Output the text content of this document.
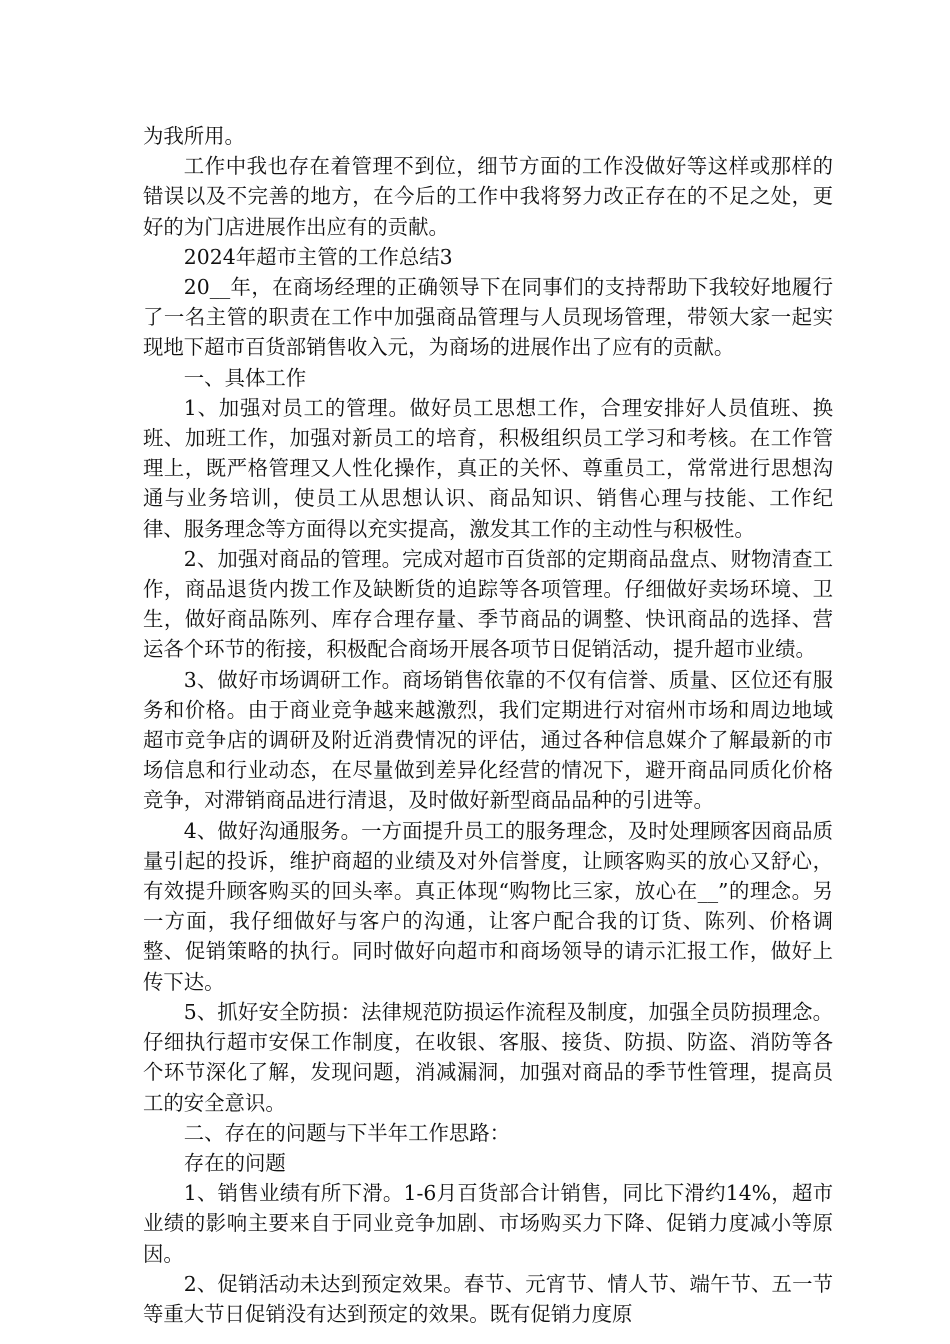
为我所用。

工作中我也存在着管理不到位，细节方面的工作没做好等这样或那样的错误以及不完善的地方，在今后的工作中我将努力改正存在的不足之处，更好的为门店进展作出应有的贡献。

2024年超市主管的工作总结3

20__年，在商场经理的正确领导下在同事们的支持帮助下我较好地履行了一名主管的职责在工作中加强商品管理与人员现场管理，带领大家一起实现地下超市百货部销售收入元，为商场的进展作出了应有的贡献。

一、具体工作

1、加强对员工的管理。做好员工思想工作，合理安排好人员值班、换班、加班工作，加强对新员工的培育，积极组织员工学习和考核。在工作管理上，既严格管理又人性化操作，真正的关怀、尊重员工，常常进行思想沟通与业务培训，使员工从思想认识、商品知识、销售心理与技能、工作纪律、服务理念等方面得以充实提高，激发其工作的主动性与积极性。

2、加强对商品的管理。完成对超市百货部的定期商品盘点、财物清查工作，商品退货内拨工作及缺断货的追踪等各项管理。仔细做好卖场环境、卫生，做好商品陈列、库存合理存量、季节商品的调整、快讯商品的选择、营运各个环节的衔接，积极配合商场开展各项节日促销活动，提升超市业绩。

3、做好市场调研工作。商场销售依靠的不仅有信誉、质量、区位还有服务和价格。由于商业竞争越来越激烈，我们定期进行对宿州市场和周边地域超市竞争店的调研及附近消费情况的评估，通过各种信息媒介了解最新的市场信息和行业动态，在尽量做到差异化经营的情况下，避开商品同质化价格竞争，对滞销商品进行清退，及时做好新型商品品种的引进等。

4、做好沟通服务。一方面提升员工的服务理念，及时处理顾客因商品质量引起的投诉，维护商超的业绩及对外信誉度，让顾客购买的放心又舒心，有效提升顾客购买的回头率。真正体现“购物比三家，放心在__”的理念。另一方面，我仔细做好与客户的沟通，让客户配合我的订货、陈列、价格调整、促销策略的执行。同时做好向超市和商场领导的请示汇报工作，做好上传下达。

5、抓好安全防损：法律规范防损运作流程及制度，加强全员防损理念。仔细执行超市安保工作制度，在收银、客服、接货、防损、防盗、消防等各个环节深化了解，发现问题，消减漏洞，加强对商品的季节性管理，提高员工的安全意识。

二、存在的问题与下半年工作思路：

存在的问题

1、销售业绩有所下滑。1-6月百货部合计销售，同比下滑约14%，超市业绩的影响主要来自于同业竞争加剧、市场购买力下降、促销力度减小等原因。

2、促销活动未达到预定效果。春节、元宵节、情人节、端午节、五一节等重大节日促销没有达到预定的效果。既有促销力度原
